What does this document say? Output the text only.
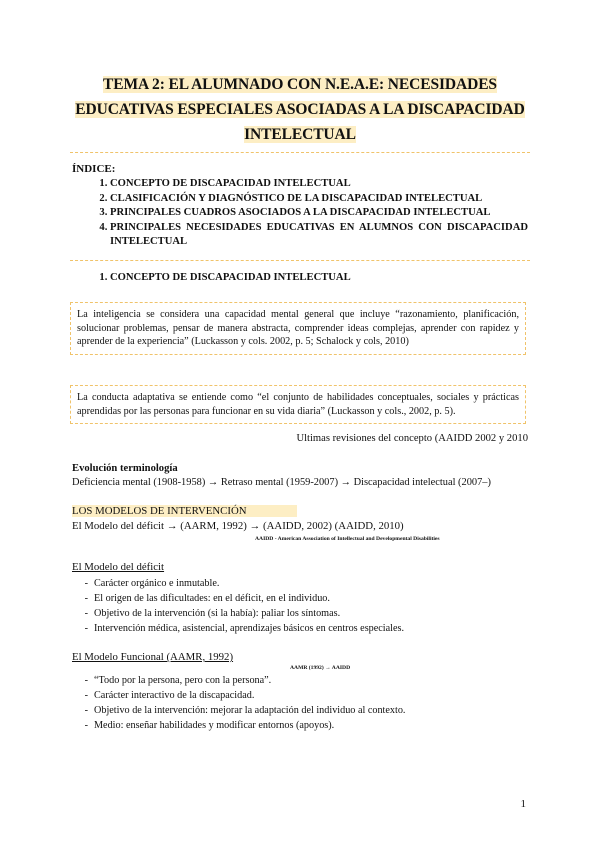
TEMA 2: EL ALUMNADO CON N.E.A.E: NECESIDADES
EDUCATIVAS ESPECIALES ASOCIADAS A LA DISCAPACIDAD
INTELECTUAL
ÍNDICE:
1. CONCEPTO DE DISCAPACIDAD INTELECTUAL
2. CLASIFICACIÓN Y DIAGNÓSTICO DE LA DISCAPACIDAD INTELECTUAL
3. PRINCIPALES CUADROS ASOCIADOS A LA DISCAPACIDAD INTELECTUAL
4. PRINCIPALES NECESIDADES EDUCATIVAS EN ALUMNOS CON DISCAPACIDAD INTELECTUAL
1. CONCEPTO DE DISCAPACIDAD INTELECTUAL
La inteligencia se considera una capacidad mental general que incluye “razonamiento, planificación, solucionar problemas, pensar de manera abstracta, comprender ideas complejas, aprender con rapidez y aprender de la experiencia” (Luckasson y cols. 2002, p. 5; Schalock y cols, 2010)
La conducta adaptativa se entiende como “el conjunto de habilidades conceptuales, sociales y prácticas aprendidas por las personas para funcionar en su vida diaria” (Luckasson y cols., 2002, p. 5).
Ultimas revisiones del concepto (AAIDD 2002 y 2010
Evolución terminología
Deficiencia mental (1908-1958) → Retraso mental (1959-2007) → Discapacidad intelectual (2007–)
LOS MODELOS DE INTERVENCIÓN
El Modelo del déficit → (AARM, 1992) → (AAIDD, 2002) (AAIDD, 2010)
AAIDD - American Association of Intellectual and Developmental Disabilities
El Modelo del déficit
- Carácter orgánico e inmutable.
- El origen de las dificultades: en el déficit, en el individuo.
- Objetivo de la intervención (si la había): paliar los síntomas.
- Intervención médica, asistencial, aprendizajes básicos en centros especiales.
El Modelo Funcional (AAMR, 1992)
AAMR (1992) → AAIDD
- “Todo por la persona, pero con la persona”.
- Carácter interactivo de la discapacidad.
- Objetivo de la intervención: mejorar la adaptación del individuo al contexto.
- Medio: enseñar habilidades y modificar entornos (apoyos).
1
